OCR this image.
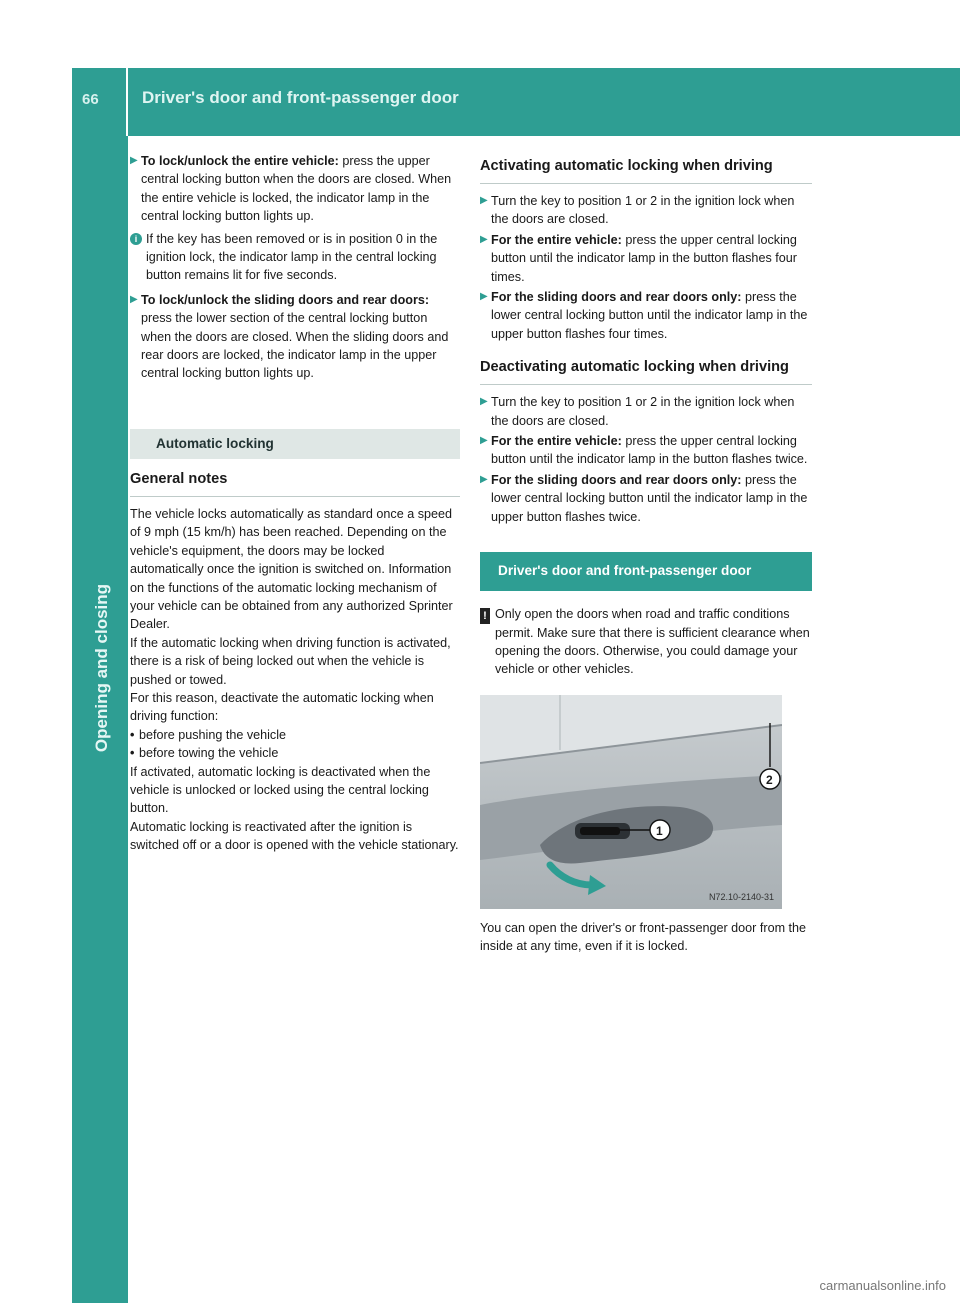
66	Driver's door and front-passenger door
Opening and closing
▶ To lock/unlock the entire vehicle: press the upper central locking button when the doors are closed. When the entire vehicle is locked, the indicator lamp in the central locking button lights up.
i If the key has been removed or is in position 0 in the ignition lock, the indicator lamp in the central locking button remains lit for five seconds.
▶ To lock/unlock the sliding doors and rear doors: press the lower section of the central locking button when the doors are closed. When the sliding doors and rear doors are locked, the indicator lamp in the upper central locking button lights up.
Automatic locking
General notes

The vehicle locks automatically as standard once a speed of 9 mph (15 km/h) has been reached. Depending on the vehicle's equipment, the doors may be locked automatically once the ignition is switched on. Information on the functions of the automatic locking mechanism of your vehicle can be obtained from any authorized Sprinter Dealer.

If the automatic locking when driving function is activated, there is a risk of being locked out when the vehicle is pushed or towed.

For this reason, deactivate the automatic locking when driving function:

• before pushing the vehicle
• before towing the vehicle

If activated, automatic locking is deactivated when the vehicle is unlocked or locked using the central locking button.

Automatic locking is reactivated after the ignition is switched off or a door is opened with the vehicle stationary.

Activating automatic locking when driving
▶ Turn the key to position 1 or 2 in the ignition lock when the doors are closed.
▶ For the entire vehicle: press the upper central locking button until the indicator lamp in the button flashes four times.
▶ For the sliding doors and rear doors only: press the lower central locking button until the indicator lamp in the upper button flashes four times.
Deactivating automatic locking when driving
▶ Turn the key to position 1 or 2 in the ignition lock when the doors are closed.
▶ For the entire vehicle: press the upper central locking button until the indicator lamp in the button flashes twice.
▶ For the sliding doors and rear doors only: press the lower central locking button until the indicator lamp in the upper button flashes twice.
Driver's door and front-passenger door
! Only open the doors when road and traffic conditions permit. Make sure that there is sufficient clearance when opening the doors. Otherwise, you could damage your vehicle or other vehicles.
1
2
N72.10-2140-31

You can open the driver's or front-passenger door from the inside at any time, even if it is locked.

carmanualsonline.info
